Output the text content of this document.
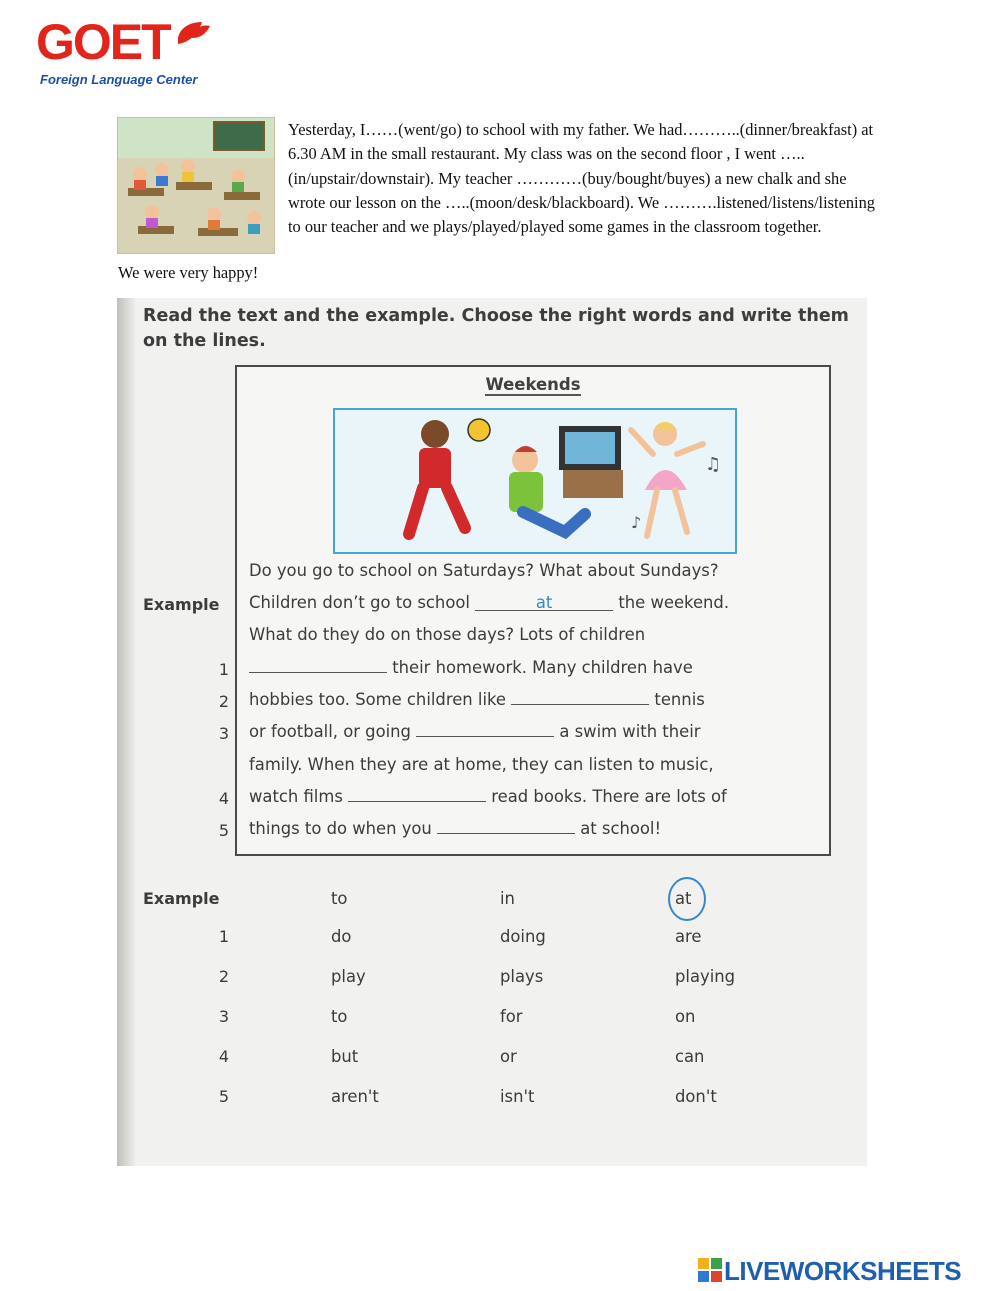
GOET
Foreign Language Center
Yesterday, I……(went/go) to school with my father. We had………..(dinner/breakfast) at 6.30 AM in the small restaurant. My class was on the second floor , I went …..(in/upstair/downstair). My teacher …………(buy/bought/buyes) a new chalk and she wrote our lesson on the …..(moon/desk/blackboard). We ……….listened/listens/listening to our teacher and we plays/played/played some games in the classroom together.
We were very happy!
Read the text and the example. Choose the right words and write them on the lines.
Weekends
♫
♪
Do you go to school on Saturdays? What about Sundays?
Children don’t go to school	at	the weekend.
What do they do on those days? Lots of children
their homework. Many children have
hobbies too. Some children like	tennis
or football, or going	a swim with their
family. When they are at home, they can listen to music,
watch films	read books. There are lots of
things to do when you	at school!
Example
1
2
3
4
5
Example	to	in	at
1	do	doing	are
2	play	plays	playing
3	to	for	on
4	but	or	can
5	aren't	isn't	don't
LIVEWORKSHEETS
